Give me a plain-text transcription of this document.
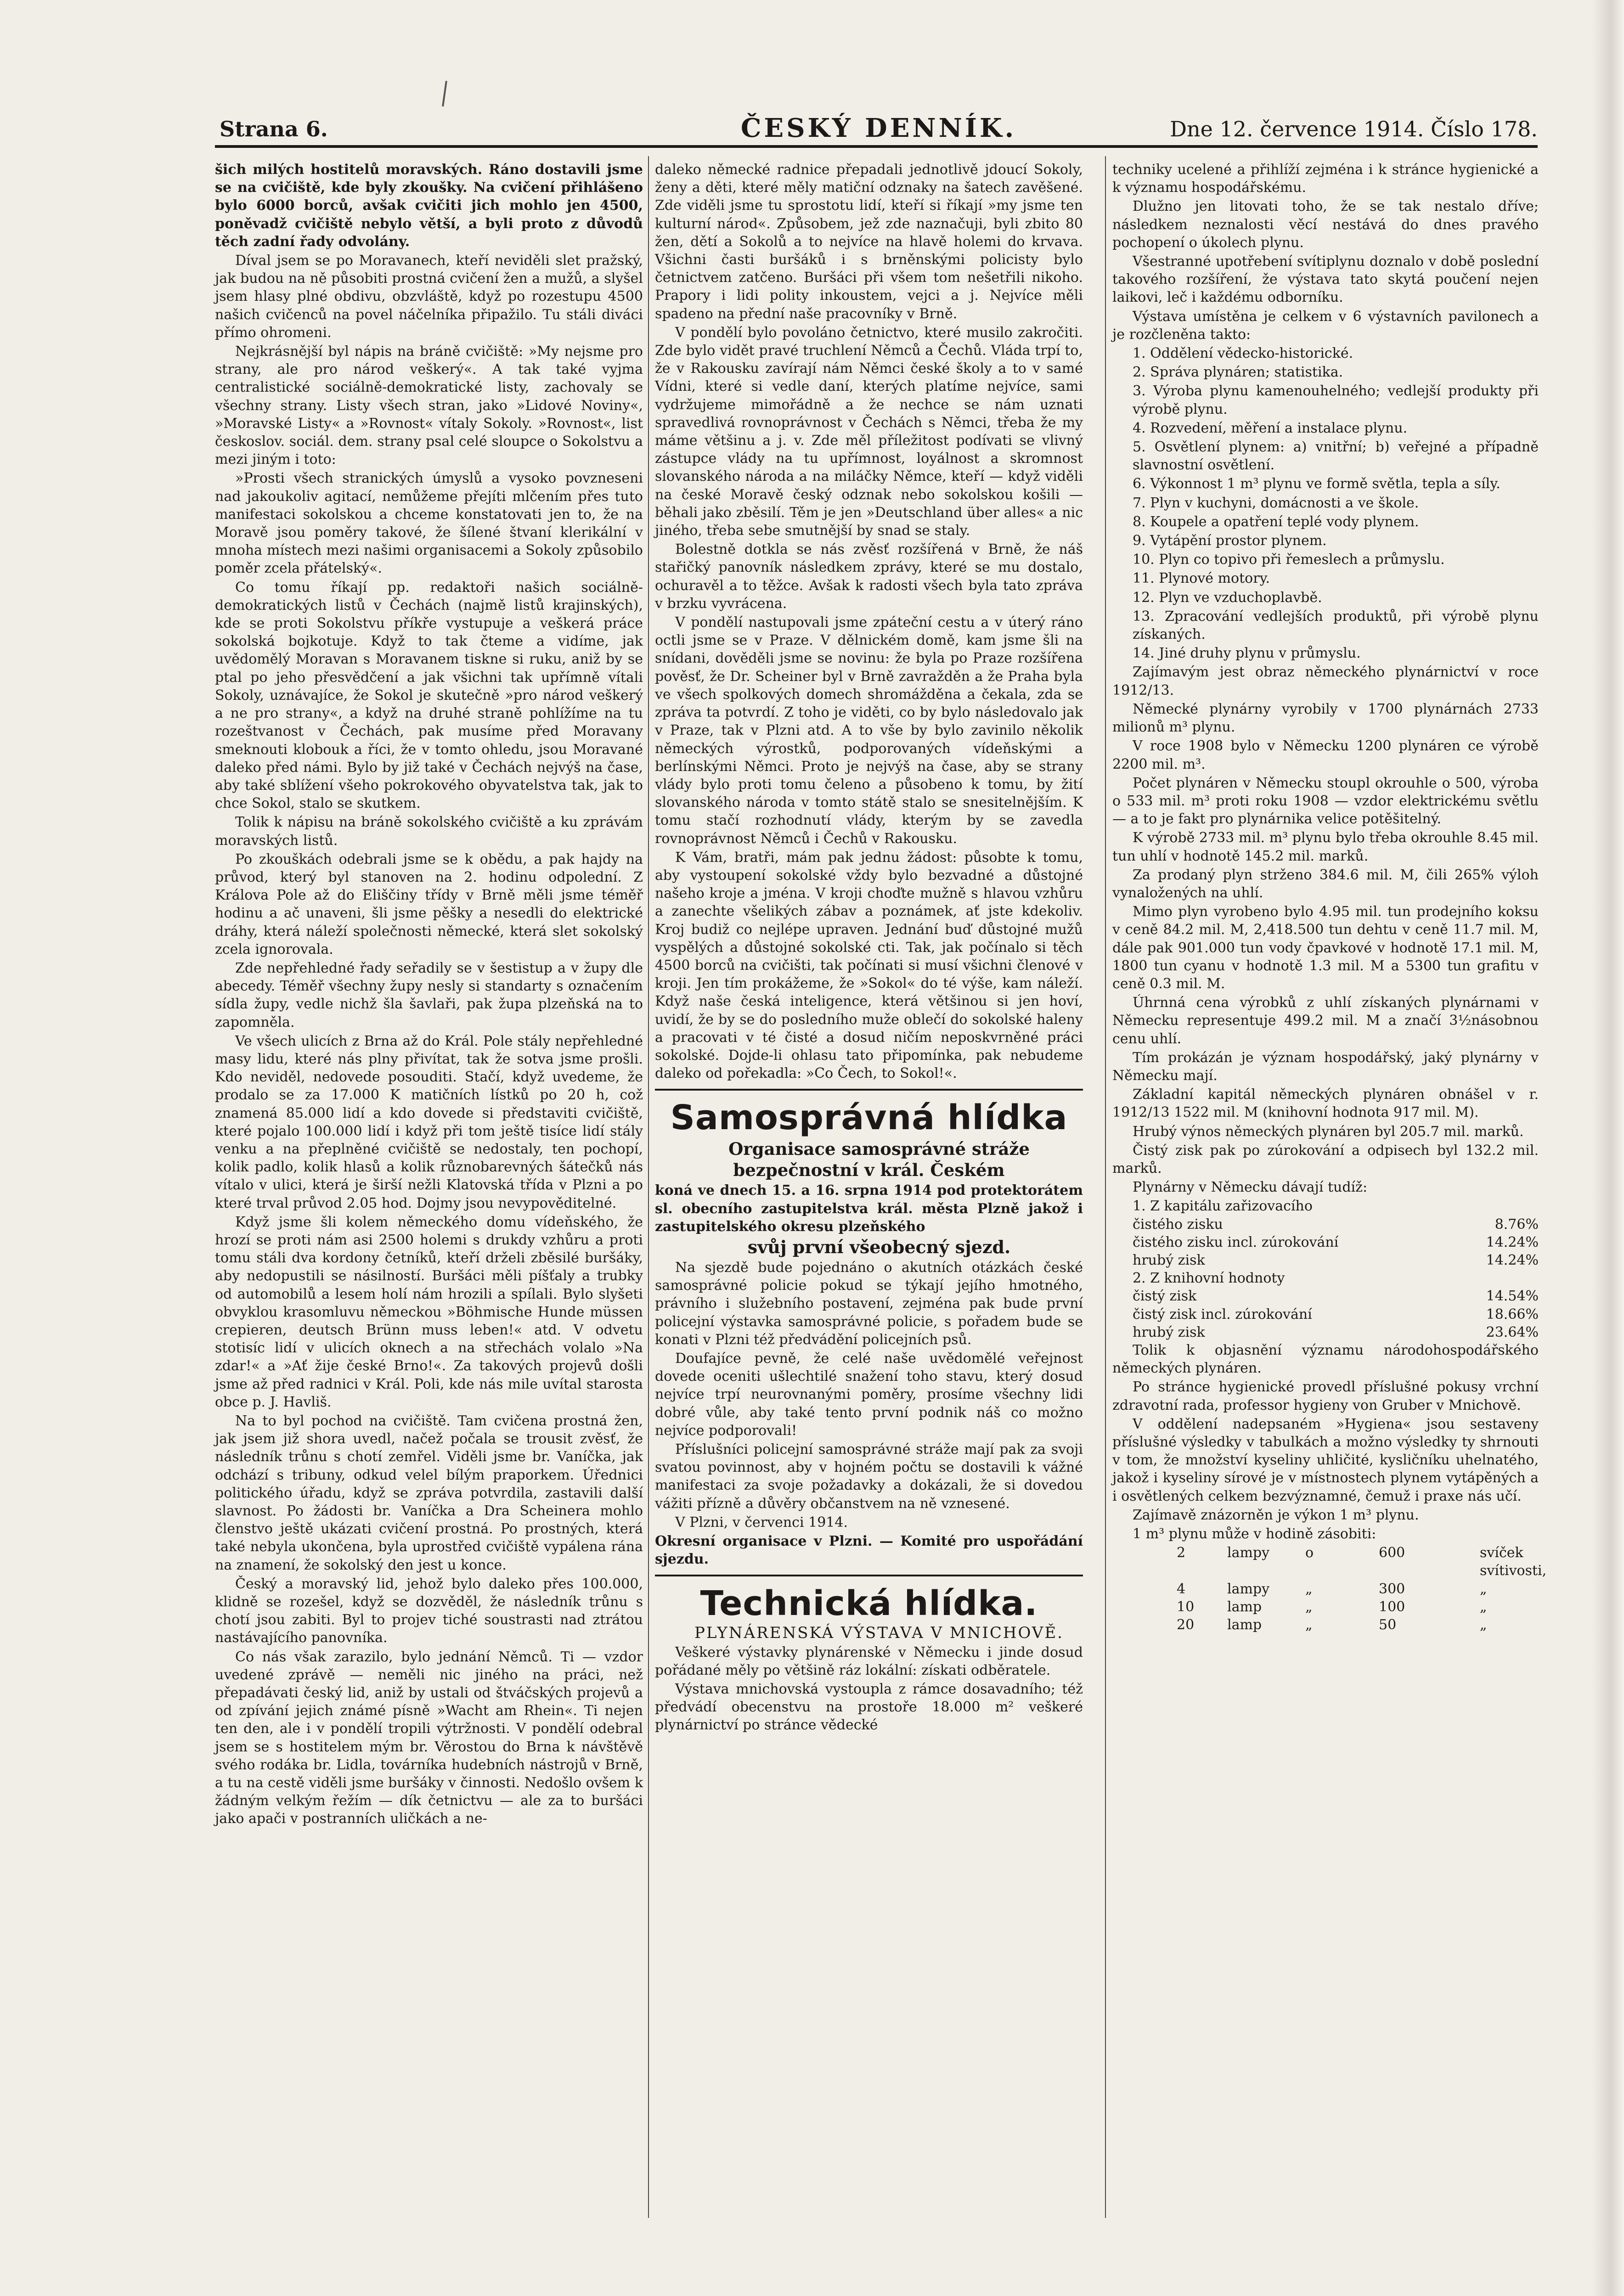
Strana 6.	ČESKÝ DENNÍK.	Dne 12. července 1914. Číslo 178.

šich milých hostitelů moravských. Ráno dostavili jsme se na cvičiště, kde byly zkoušky. Na cvičení přihlášeno bylo 6000 borců, avšak cvičiti jich mohlo jen 4500, poněvadž cvičiště nebylo větší, a byli proto z důvodů těch zadní řady odvolány.

Díval jsem se po Moravanech, kteří neviděli slet pražský, jak budou na ně působiti prostná cvičení žen a mužů, a slyšel jsem hlasy plné obdivu, obzvláště, když po rozestupu 4500 našich cvičenců na povel náčelníka připažilo. Tu stáli diváci přímo ohromeni.

Nejkrásnější byl nápis na bráně cvičiště: »My nejsme pro strany, ale pro národ veškerý«. A tak také vyjma centralistické sociálně-demokratické listy, zachovaly se všechny strany. Listy všech stran, jako »Lidové Noviny«, »Moravské Listy« a »Rovnost« vítaly Sokoly. »Rovnost«, list českoslov. sociál. dem. strany psal celé sloupce o Sokolstvu a mezi jiným i toto:

»Prosti všech stranických úmyslů a vysoko povzneseni nad jakoukoliv agitací, nemůžeme přejíti mlčením přes tuto manifestaci sokolskou a chceme konstatovati jen to, že na Moravě jsou poměry takové, že šílené štvaní klerikální v mnoha místech mezi našimi organisacemi a Sokoly způsobilo poměr zcela přátelský«.

Co tomu říkají pp. redaktoři našich sociálně-demokratických listů v Čechách (najmě listů krajinských), kde se proti Sokolstvu příkře vystupuje a veškerá práce sokolská bojkotuje. Když to tak čteme a vidíme, jak uvědomělý Moravan s Moravanem tiskne si ruku, aniž by se ptal po jeho přesvědčení a jak všichni tak upřímně vítali Sokoly, uznávajíce, že Sokol je skutečně »pro národ veškerý a ne pro strany«, a když na druhé straně pohlížíme na tu rozeštvanost v Čechách, pak musíme před Moravany smeknouti klobouk a říci, že v tomto ohledu, jsou Moravané daleko před námi. Bylo by již také v Čechách nejvýš na čase, aby také sblížení všeho pokrokového obyvatelstva tak, jak to chce Sokol, stalo se skutkem.

Tolik k nápisu na bráně sokolského cvičiště a ku zprávám moravských listů.

Po zkouškách odebrali jsme se k obědu, a pak hajdy na průvod, který byl stanoven na 2. hodinu odpolední. Z Králova Pole až do Eliščiny třídy v Brně měli jsme téměř hodinu a ač unaveni, šli jsme pěšky a nesedli do elektrické dráhy, která náleží společnosti německé, která slet sokolský zcela ignorovala.

Zde nepřehledné řady seřadily se v šestistup a v župy dle abecedy. Téměř všechny župy nesly si standarty s označením sídla župy, vedle nichž šla šavlaři, pak župa plzeňská na to zapomněla.

Ve všech ulicích z Brna až do Král. Pole stály nepřehledné masy lidu, které nás plny přivítat, tak že sotva jsme prošli. Kdo neviděl, nedovede posouditi. Stačí, když uvedeme, že prodalo se za 17.000 K matičních lístků po 20 h, což znamená 85.000 lidí a kdo dovede si představiti cvičiště, které pojalo 100.000 lidí i když při tom ještě tisíce lidí stály venku a na přeplněné cvičiště se nedostaly, ten pochopí, kolik padlo, kolik hlasů a kolik různobarevných šátečků nás vítalo v ulici, která je širší nežli Klatovská třída v Plzni a po které trval průvod 2.05 hod. Dojmy jsou nevypověditelné.

Když jsme šli kolem německého domu vídeňského, že hrozí se proti nám asi 2500 holemi s drukdy vzhůru a proti tomu stáli dva kordony četníků, kteří drželi zběsilé buršáky, aby nedopustili se násilností. Buršáci měli píšťaly a trubky od automobilů a lesem holí nám hrozili a spílali. Bylo slyšeti obvyklou krasomluvu německou »Böhmische Hunde müssen crepieren, deutsch Brünn muss leben!« atd. V odvetu stotisíc lidí v ulicích oknech a na střechách volalo »Na zdar!« a »Ať žije české Brno!«. Za takových projevů došli jsme až před radnici v Král. Poli, kde nás mile uvítal starosta obce p. J. Havliš.

Na to byl pochod na cvičiště. Tam cvičena prostná žen, jak jsem již shora uvedl, načež počala se trousit zvěsť, že následník trůnu s chotí zemřel. Viděli jsme br. Vaníčka, jak odchází s tribuny, odkud velel bílým praporkem. Úřednici politického úřadu, když se zpráva potvrdila, zastavili další slavnost. Po žádosti br. Vaníčka a Dra Scheinera mohlo členstvo ještě ukázati cvičení prostná. Po prostných, která také nebyla ukončena, byla uprostřed cvičiště vypálena rána na znamení, že sokolský den jest u konce.

Český a moravský lid, jehož bylo daleko přes 100.000, klidně se rozešel, když se dozvěděl, že následník trůnu s chotí jsou zabiti. Byl to projev tiché soustrasti nad ztrátou nastávajícího panovníka.

Co nás však zarazilo, bylo jednání Němců. Ti — vzdor uvedené zprávě — neměli nic jiného na práci, než přepadávati český lid, aniž by ustali od štváčských projevů a od zpívání jejich známé písně »Wacht am Rhein«. Ti nejen ten den, ale i v pondělí tropili výtržnosti. V pondělí odebral jsem se s hostitelem mým br. Věrostou do Brna k návštěvě svého rodáka br. Lidla, továrníka hudebních nástrojů v Brně, a tu na cestě viděli jsme buršáky v činnosti. Nedošlo ovšem k žádným velkým řežím — dík četnictvu — ale za to buršáci jako apači v postranních uličkách a ne-

daleko německé radnice přepadali jednotlivě jdoucí Sokoly, ženy a děti, které měly matiční odznaky na šatech zavěšené. Zde viděli jsme tu sprostotu lidí, kteří si říkají »my jsme ten kulturní národ«. Způsobem, jež zde naznačuji, byli zbito 80 žen, dětí a Sokolů a to nejvíce na hlavě holemi do krvava. Všichni časti buršáků i s brněnskými policisty bylo četnictvem zatčeno. Buršáci při všem tom nešetřili nikoho. Prapory i lidi polity inkoustem, vejci a j. Nejvíce měli spadeno na přední naše pracovníky v Brně.

V pondělí bylo povoláno četnictvo, které musilo zakročiti. Zde bylo vidět pravé truchlení Němců a Čechů. Vláda trpí to, že v Rakousku zavírají nám Němci české školy a to v samé Vídni, které si vedle daní, kterých platíme nejvíce, sami vydržujeme mimořádně a že nechce se nám uznati spravedlivá rovnoprávnost v Čechách s Němci, třeba že my máme většinu a j. v. Zde měl příležitost podívati se vlivný zástupce vlády na tu upřímnost, loyálnost a skromnost slovanského národa a na miláčky Němce, kteří — když viděli na české Moravě český odznak nebo sokolskou košili — běhali jako zběsilí. Těm je jen »Deutschland über alles« a nic jiného, třeba sebe smutnější by snad se staly.

Bolestně dotkla se nás zvěsť rozšířená v Brně, že náš stařičký panovník následkem zprávy, které se mu dostalo, ochuravěl a to těžce. Avšak k radosti všech byla tato zpráva v brzku vyvrácena.

V pondělí nastupovali jsme zpáteční cestu a v úterý ráno octli jsme se v Praze. V dělnickém domě, kam jsme šli na snídani, dověděli jsme se novinu: že byla po Praze rozšířena pověsť, že Dr. Scheiner byl v Brně zavražděn a že Praha byla ve všech spolkových domech shromážděna a čekala, zda se zpráva ta potvrdí. Z toho je viděti, co by bylo následovalo jak v Praze, tak v Plzni atd. A to vše by bylo zavinilo několik německých výrostků, podporovaných vídeňskými a berlínskými Němci. Proto je nejvýš na čase, aby se strany vlády bylo proti tomu čeleno a působeno k tomu, by žití slovanského národa v tomto státě stalo se snesitelnějším. K tomu stačí rozhodnutí vlády, kterým by se zavedla rovnoprávnost Němců i Čechů v Rakousku.

K Vám, bratři, mám pak jednu žádost: působte k tomu, aby vystoupení sokolské vždy bylo bezvadné a důstojné našeho kroje a jména. V kroji choďte mužně s hlavou vzhůru a zanechte všelikých zábav a poznámek, ať jste kdekoliv. Kroj budiž co nejlépe upraven. Jednání buď důstojné mužů vyspělých a důstojné sokolské cti. Tak, jak počínalo si těch 4500 borců na cvičišti, tak počínati si musí všichni členové v kroji. Jen tím prokážeme, že »Sokol« do té výše, kam náleží. Když naše česká inteligence, která většinou si jen hoví, uvidí, že by se do posledního muže oblečí do sokolské haleny a pracovati v té čisté a dosud ničím neposkvrněné práci sokolské. Dojde-li ohlasu tato připomínka, pak nebudeme daleko od pořekadla: »Co Čech, to Sokol!«.

Samosprávná hlídka

Organisace samosprávné stráže bezpečnostní v král. Českém

koná ve dnech 15. a 16. srpna 1914 pod protektorátem sl. obecního zastupitelstva král. města Plzně jakož i zastupitelského okresu plzeňského

svůj první všeobecný sjezd.

Na sjezdě bude pojednáno o akutních otázkách české samosprávné policie pokud se týkají jejího hmotného, právního i služebního postavení, zejména pak bude první policejní výstavka samosprávné policie, s pořadem bude se konati v Plzni též předvádění policejních psů.

Doufajíce pevně, že celé naše uvědomělé veřejnost dovede oceniti ušlechtilé snažení toho stavu, který dosud nejvíce trpí neurovnanými poměry, prosíme všechny lidi dobré vůle, aby také tento první podnik náš co možno nejvíce podporovali!

Příslušníci policejní samosprávné stráže mají pak za svoji svatou povinnost, aby v hojném počtu se dostavili k vážné manifestaci za svoje požadavky a dokázali, že si dovedou vážiti přízně a důvěry občanstvem na ně vznesené.

V Plzni, v červenci 1914.

Okresní organisace v Plzni. — Komité pro uspořádání sjezdu.

Technická hlídka.

PLYNÁRENSKÁ VÝSTAVA V MNICHOVĚ.

Veškeré výstavky plynárenské v Německu i jinde dosud pořádané měly po většině ráz lokální: získati odběratele.

Výstava mnichovská vystoupla z rámce dosavadního; též předvádí obecenstvu na prostoře 18.000 m² veškeré plynárnictví po stránce vědecké

techniky ucelené a přihlíží zejména i k stránce hygienické a k významu hospodářskému.

Dlužno jen litovati toho, že se tak nestalo dříve; následkem neznalosti věcí nestává do dnes pravého pochopení o úkolech plynu.

Všestranné upotřebení svítiplynu doznalo v době poslední takového rozšíření, že výstava tato skytá poučení nejen laikovi, leč i každému odborníku.

Výstava umístěna je celkem v 6 výstavních pavilonech a je rozčleněna takto:

1. Oddělení vědecko-historické.

2. Správa plynáren; statistika.

3. Výroba plynu kamenouhelného; vedlejší produkty při výrobě plynu.

4. Rozvedení, měření a instalace plynu.

5. Osvětlení plynem: a) vnitřní; b) veřejné a případně slavnostní osvětlení.

6. Výkonnost 1 m³ plynu ve formě světla, tepla a síly.

7. Plyn v kuchyni, domácnosti a ve škole.

8. Koupele a opatření teplé vody plynem.

9. Vytápění prostor plynem.

10. Plyn co topivo při řemeslech a průmyslu.

11. Plynové motory.

12. Plyn ve vzduchoplavbě.

13. Zpracování vedlejších produktů, při výrobě plynu získaných.

14. Jiné druhy plynu v průmyslu.

Zajímavým jest obraz německého plynárnictví v roce 1912/13.

Německé plynárny vyrobily v 1700 plynárnách 2733 milionů m³ plynu.

V roce 1908 bylo v Německu 1200 plynáren ce výrobě 2200 mil. m³.

Počet plynáren v Německu stoupl okrouhle o 500, výroba o 533 mil. m³ proti roku 1908 — vzdor elektrickému světlu — a to je fakt pro plynárnika velice potěšitelný.

K výrobě 2733 mil. m³ plynu bylo třeba okrouhle 8.45 mil. tun uhlí v hodnotě 145.2 mil. marků.

Za prodaný plyn strženo 384.6 mil. M, čili 265% výloh vynaložených na uhlí.

Mimo plyn vyrobeno bylo 4.95 mil. tun prodejního koksu v ceně 84.2 mil. M, 2,418.500 tun dehtu v ceně 11.7 mil. M, dále pak 901.000 tun vody čpavkové v hodnotě 17.1 mil. M, 1800 tun cyanu v hodnotě 1.3 mil. M a 5300 tun grafitu v ceně 0.3 mil. M.

Úhrnná cena výrobků z uhlí získaných plynárnami v Německu representuje 499.2 mil. M a značí 3½násobnou cenu uhlí.

Tím prokázán je význam hospodářský, jaký plynárny v Německu mají.

Základní kapitál německých plynáren obnášel v r. 1912/13 1522 mil. M (knihovní hodnota 917 mil. M).

Hrubý výnos německých plynáren byl 205.7 mil. marků.

Čistý zisk pak po zúrokování a odpisech byl 132.2 mil. marků.

Plynárny v Německu dávají tudíž:

1. Z kapitálu zařizovacího
čistého zisku	8.76%
čistého zisku incl. zúrokování	14.24%
hrubý zisk	14.24%
2. Z knihovní hodnoty
čistý zisk	14.54%
čistý zisk incl. zúrokování	18.66%
hrubý zisk	23.64%

Tolik k objasnění významu národohospodářského německých plynáren.

Po stránce hygienické provedl příslušné pokusy vrchní zdravotní rada, professor hygieny von Gruber v Mnichově.

V oddělení nadepsaném »Hygiena« jsou sestaveny příslušné výsledky v tabulkách a možno výsledky ty shrnouti v tom, že množství kyseliny uhličité, kysličníku uhelnatého, jakož i kyseliny sírové je v místnostech plynem vytápěných a i osvětlených celkem bezvýznamné, čemuž i praxe nás učí.

Zajímavě znázorněn je výkon 1 m³ plynu.

1 m³ plynu může v hodině zásobiti:

2	lampy	o	600	svíček svítivosti,
4	lampy	„	300	„
10	lamp	„	100	„
20	lamp	„	50	„
